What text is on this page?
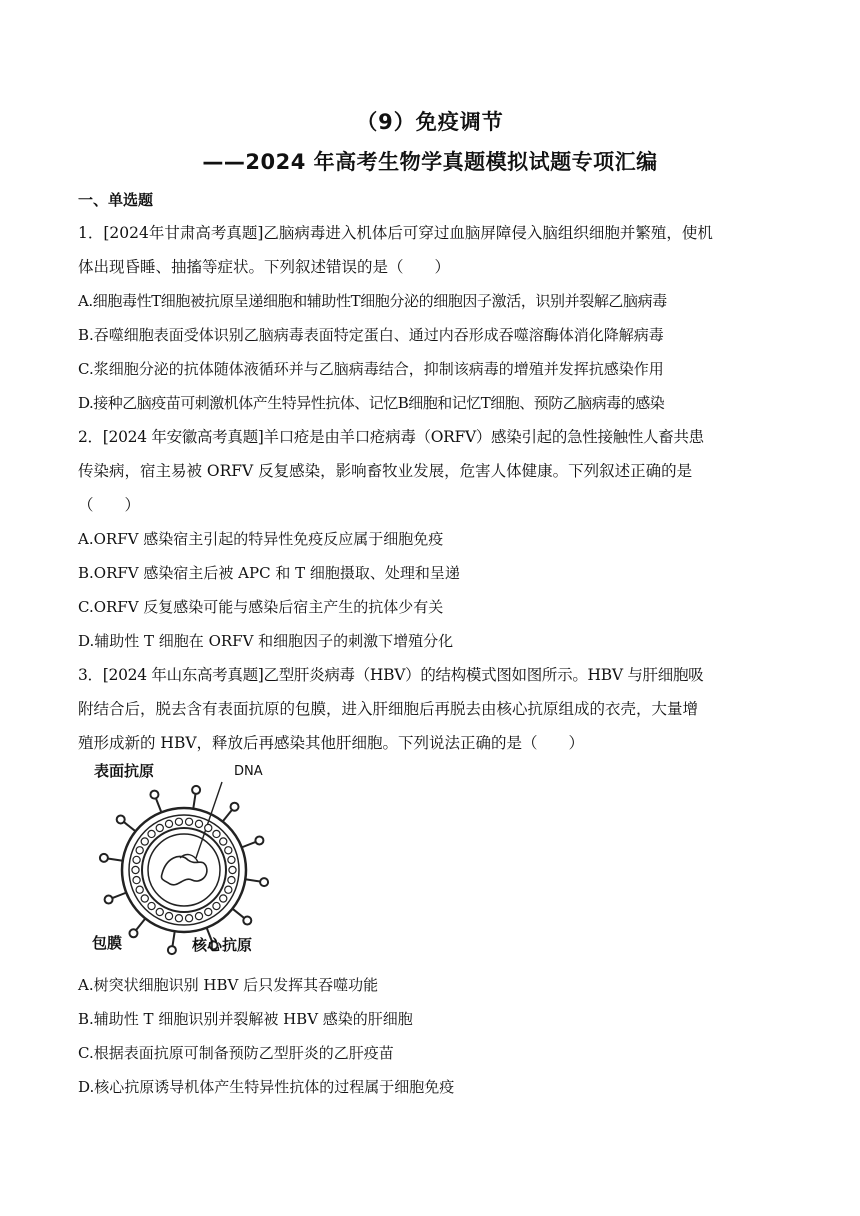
（9）免疫调节
——2024 年高考生物学真题模拟试题专项汇编
一、单选题
1．[2024年甘肃高考真题]乙脑病毒进入机体后可穿过血脑屏障侵入脑组织细胞并繁殖，使机
体出现昏睡、抽搐等症状。下列叙述错误的是（　　）
A.细胞毒性T细胞被抗原呈递细胞和辅助性T细胞分泌的细胞因子激活，识别并裂解乙脑病毒
B.吞噬细胞表面受体识别乙脑病毒表面特定蛋白、通过内吞形成吞噬溶酶体消化降解病毒
C.浆细胞分泌的抗体随体液循环并与乙脑病毒结合，抑制该病毒的增殖并发挥抗感染作用
D.接种乙脑疫苗可刺激机体产生特异性抗体、记忆B细胞和记忆T细胞、预防乙脑病毒的感染
2．[2024 年安徽高考真题]羊口疮是由羊口疮病毒（ORFV）感染引起的急性接触性人畜共患
传染病，宿主易被 ORFV 反复感染，影响畜牧业发展，危害人体健康。下列叙述正确的是
（　　）
A.ORFV 感染宿主引起的特异性免疫反应属于细胞免疫
B.ORFV 感染宿主后被 APC 和 T 细胞摄取、处理和呈递
C.ORFV 反复感染可能与感染后宿主产生的抗体少有关
D.辅助性 T 细胞在 ORFV 和细胞因子的刺激下增殖分化
3．[2024 年山东高考真题]乙型肝炎病毒（HBV）的结构模式图如图所示。HBV 与肝细胞吸
附结合后，脱去含有表面抗原的包膜，进入肝细胞后再脱去由核心抗原组成的衣壳，大量增
殖形成新的 HBV，释放后再感染其他肝细胞。下列说法正确的是（　　）
表面抗原	DNA
包膜	核心抗原
A.树突状细胞识别 HBV 后只发挥其吞噬功能
B.辅助性 T 细胞识别并裂解被 HBV 感染的肝细胞
C.根据表面抗原可制备预防乙型肝炎的乙肝疫苗
D.核心抗原诱导机体产生特异性抗体的过程属于细胞免疫
